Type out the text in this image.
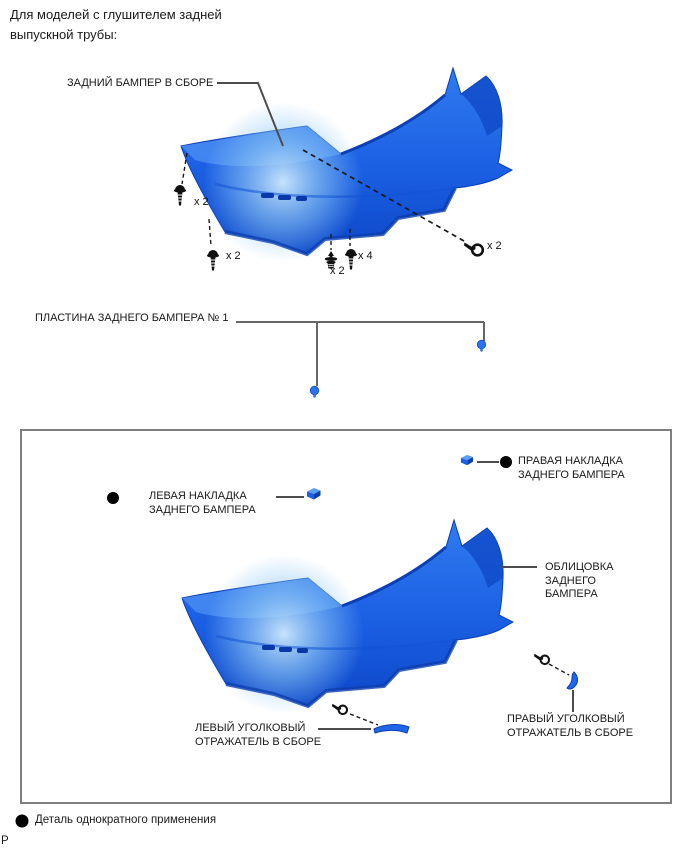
Для моделей с глушителем задней
выпускной трубы:
ЗАДНИЙ БАМПЕР В СБОРЕ
ПЛАСТИНА ЗАДНЕГО БАМПЕРА № 1
ПРАВАЯ НАКЛАДКА
ЗАДНЕГО БАМПЕРА
ЛЕВАЯ НАКЛАДКА
ЗАДНЕГО БАМПЕРА
ОБЛИЦОВКА
ЗАДНЕГО
БАМПЕРА
ЛЕВЫЙ УГОЛКОВЫЙ
ОТРАЖАТЕЛЬ В СБОРЕ
ПРАВЫЙ УГОЛКОВЫЙ
ОТРАЖАТЕЛЬ В СБОРЕ
x 2
x 2
x 2
x 4
x 2
Деталь однократного применения
P
